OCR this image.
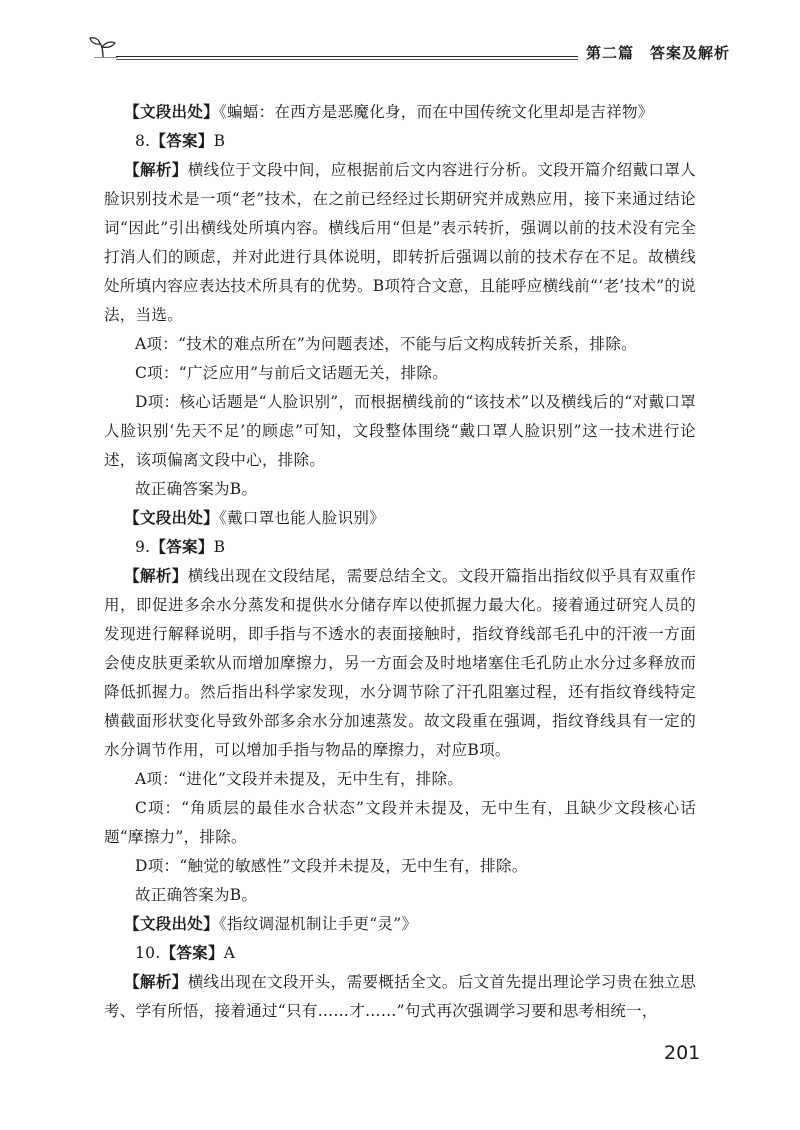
第二篇　答案及解析

【文段出处】《蝙蝠：在西方是恶魔化身，而在中国传统文化里却是吉祥物》

8.【答案】B

【解析】横线位于文段中间，应根据前后文内容进行分析。文段开篇介绍戴口罩人脸识别技术是一项“老”技术，在之前已经经过长期研究并成熟应用，接下来通过结论词“因此”引出横线处所填内容。横线后用“但是”表示转折，强调以前的技术没有完全打消人们的顾虑，并对此进行具体说明，即转折后强调以前的技术存在不足。故横线处所填内容应表达技术所具有的优势。B项符合文意，且能呼应横线前“‘老’技术”的说法，当选。

A项：“技术的难点所在”为问题表述，不能与后文构成转折关系，排除。

C项：“广泛应用”与前后文话题无关，排除。

D项：核心话题是“人脸识别”，而根据横线前的“该技术”以及横线后的“对戴口罩人脸识别‘先天不足’的顾虑”可知，文段整体围绕“戴口罩人脸识别”这一技术进行论述，该项偏离文段中心，排除。

故正确答案为B。

【文段出处】《戴口罩也能人脸识别》

9.【答案】B

【解析】横线出现在文段结尾，需要总结全文。文段开篇指出指纹似乎具有双重作用，即促进多余水分蒸发和提供水分储存库以使抓握力最大化。接着通过研究人员的发现进行解释说明，即手指与不透水的表面接触时，指纹脊线部毛孔中的汗液一方面会使皮肤更柔软从而增加摩擦力，另一方面会及时地堵塞住毛孔防止水分过多释放而降低抓握力。然后指出科学家发现，水分调节除了汗孔阻塞过程，还有指纹脊线特定横截面形状变化导致外部多余水分加速蒸发。故文段重在强调，指纹脊线具有一定的水分调节作用，可以增加手指与物品的摩擦力，对应B项。

A项：“进化”文段并未提及，无中生有，排除。

C项：“角质层的最佳水合状态”文段并未提及，无中生有，且缺少文段核心话题“摩擦力”，排除。

D项：“触觉的敏感性”文段并未提及，无中生有，排除。

故正确答案为B。

【文段出处】《指纹调湿机制让手更“灵”》

10.【答案】A

【解析】横线出现在文段开头，需要概括全文。后文首先提出理论学习贵在独立思考、学有所悟，接着通过“只有……才……”句式再次强调学习要和思考相统一，

201
